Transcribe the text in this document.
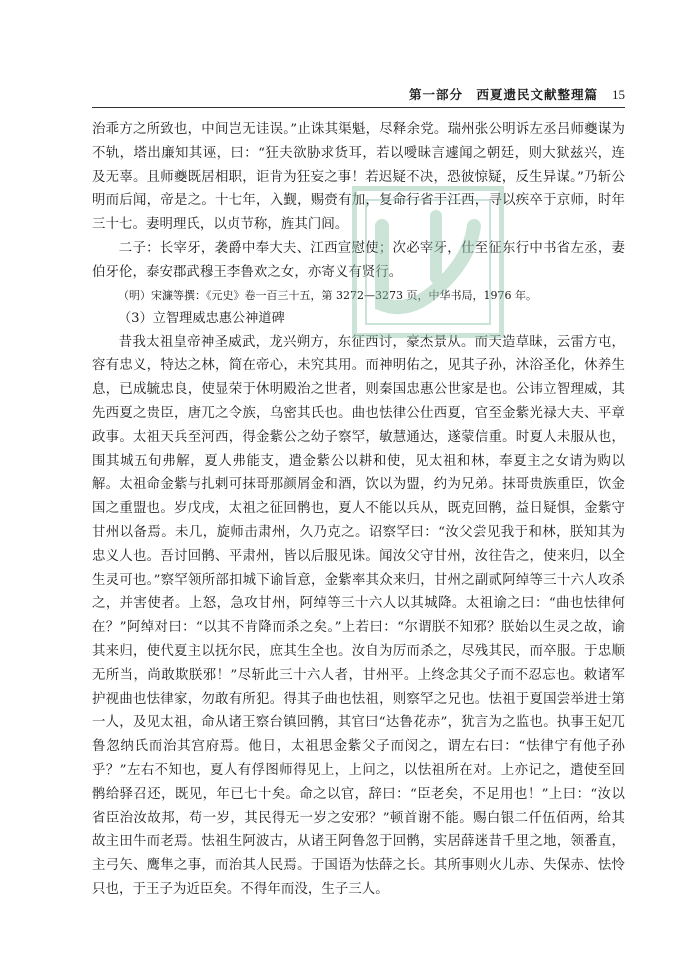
第一部分　西夏遗民文献整理篇 15

治乖方之所致也，中间岂无诖误。”止诛其渠魁，尽释余党。瑞州张公明诉左丞吕师夔谋为不轨，塔出廉知其诬，曰：“狂夫欲胁求货耳，若以噯昧言遽闻之朝廷，则大狱兹兴，连及无辜。且师夔既居相职，讵肯为狂妄之事！若迟疑不决，恐彼惊疑，反生异谋。”乃斩公明而后闻，帝是之。十七年，入觐，赐赍有加，复命行省于江西，寻以疾卒于京师，时年三十七。妻明理氏，以贞节称，旌其门闾。

二子：长宰牙，袭爵中奉大夫、江西宣慰使；次必宰牙，仕至征东行中书省左丞，妻伯牙伦，泰安郡武穆王李鲁欢之女，亦寄义有贤行。

（明）宋濂等撰：《元史》卷一百三十五，第 3272—3273 页，中华书局，1976 年。

（3）立智理威忠惠公神道碑

昔我太祖皇帝神圣威武，龙兴朔方，东征西讨，豪杰景从。而天造草昧，云雷方屯，容有忠义，特达之林，简在帝心，未究其用。而神明佑之，见其子孙，沐浴圣化，休养生息，已成毓忠良，使显荣于休明殿治之世者，则秦国忠惠公世家是也。公讳立智理威，其先西夏之贵臣，唐兀之令族，乌密其氏也。曲也怯律公仕西夏，官至金紫光禄大夫、平章政事。太祖天兵至河西，得金紫公之幼子察罕，敏慧通达，遂蒙信重。时夏人未服从也，围其城五旬弗解，夏人弗能支，遣金紫公以耕和使，见太祖和林，奉夏主之女请为购以解。太祖命金紫与扎剌可抹哥那颜屑金和酒，饮以为盟，约为兄弟。抹哥贵族重臣，饮金国之重盟也。岁戊戌，太祖之征回鹘也，夏人不能以兵从，既克回鹘，益日疑惧，金紫守甘州以备焉。未几，旋师击肃州，久乃克之。诏察罕曰：“汝父尝见我于和林，朕知其为忠义人也。吾讨回鹘、平肃州，皆以后服见诛。闻汝父守甘州，汝往告之，使来归，以全生灵可也。”察罕领所部扣城下谕旨意，金紫率其众来归，甘州之副贰阿绰等三十六人攻杀之，并害使者。上怒，急攻甘州，阿绰等三十六人以其城降。太祖谕之曰：“曲也怯律何在？”阿绰对曰：“以其不肯降而杀之矣。”上若曰：“尔谓朕不知邪？朕始以生灵之故，谕其来归，使代夏主以抚尔民，庶其生全也。汝自为厉而杀之，尽残其民，而卒服。于忠顺无所当，尚敢欺朕邪！”尽斩此三十六人者，甘州平。上终念其父子而不忍忘也。敕诸军护视曲也怯律家，勿敢有所犯。得其子曲也怯祖，则察罕之兄也。怯祖于夏国尝举进士第一人，及见太祖，命从诸王察台镇回鹘，其官曰“达鲁花赤”，犹言为之监也。执事王妃兀鲁忽纳氏而治其宫府焉。他日，太祖思金紫父子而闵之，谓左右曰：“怯律宁有他子孙乎？”左右不知也，夏人有俘图师得见上，上问之，以怯祖所在对。上亦记之，遣使至回鹘给驿召还，既见，年已七十矣。命之以官，辞曰：“臣老矣，不足用也！”上曰：“汝以省臣治汝故邦，苟一岁，其民得无一岁之安邪？”顿首谢不能。赐白银二仟伍佰两，给其故主田牛而老焉。怯祖生阿波古，从诸王阿鲁忽于回鹘，实居薛迷昔千里之地，领番直，主弓矢、鹰隼之事，而治其人民焉。于国语为怯薛之长。其所事则火儿赤、失保赤、怯怜只也，于王子为近臣矣。不得年而没，生子三人。
